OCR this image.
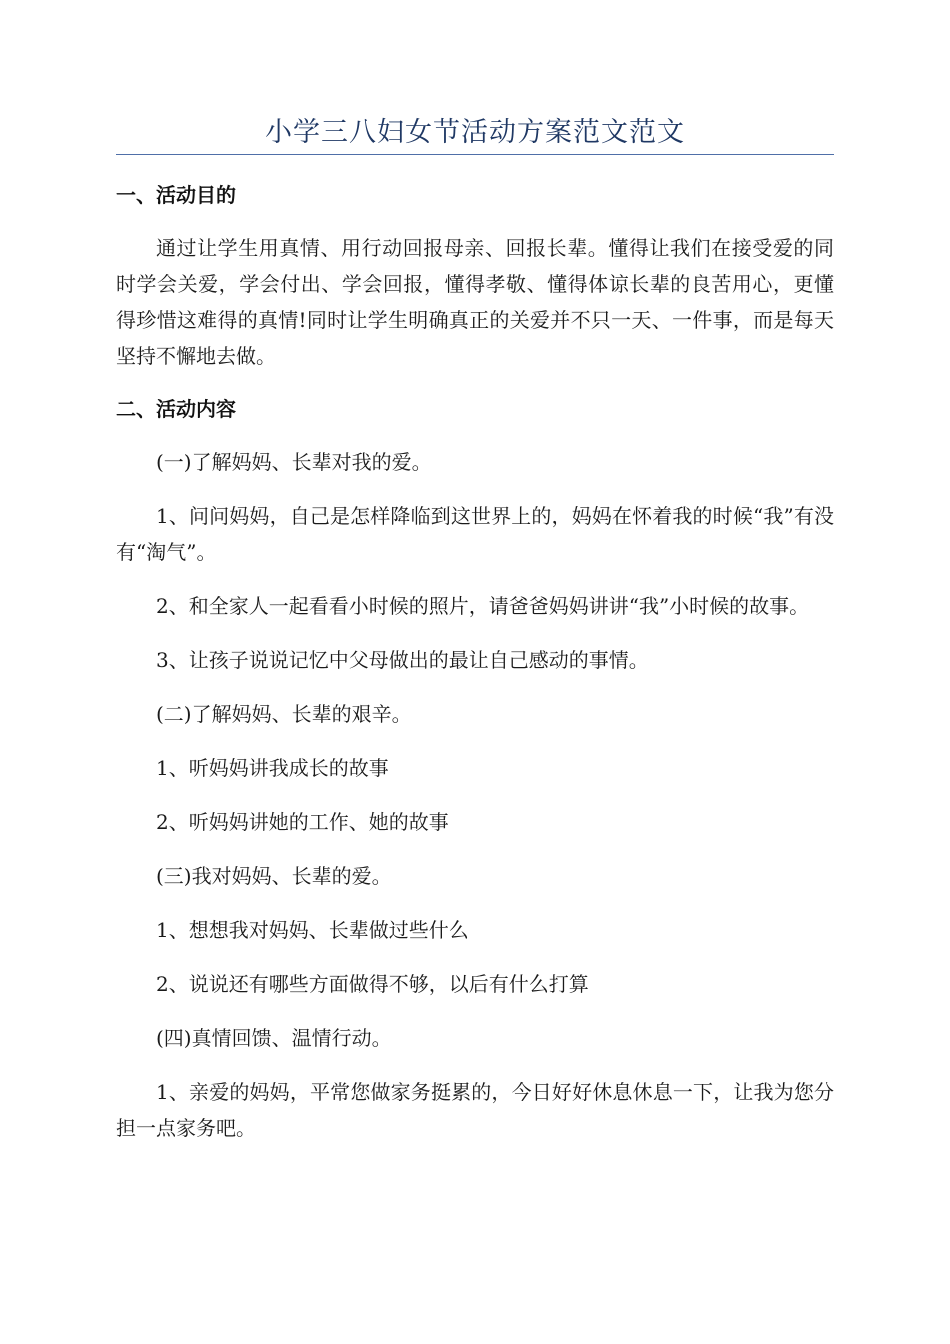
小学三八妇女节活动方案范文范文
一、活动目的

通过让学生用真情、用行动回报母亲、回报长辈。懂得让我们在接受爱的同时学会关爱，学会付出、学会回报，懂得孝敬、懂得体谅长辈的良苦用心，更懂得珍惜这难得的真情!同时让学生明确真正的关爱并不只一天、一件事，而是每天坚持不懈地去做。

二、活动内容

(一)了解妈妈、长辈对我的爱。

1、问问妈妈，自己是怎样降临到这世界上的，妈妈在怀着我的时候“我”有没有“淘气”。

2、和全家人一起看看小时候的照片，请爸爸妈妈讲讲“我”小时候的故事。

3、让孩子说说记忆中父母做出的最让自己感动的事情。

(二)了解妈妈、长辈的艰辛。

1、听妈妈讲我成长的故事

2、听妈妈讲她的工作、她的故事

(三)我对妈妈、长辈的爱。

1、想想我对妈妈、长辈做过些什么

2、说说还有哪些方面做得不够，以后有什么打算

(四)真情回馈、温情行动。

1、亲爱的妈妈，平常您做家务挺累的，今日好好休息休息一下，让我为您分担一点家务吧。
